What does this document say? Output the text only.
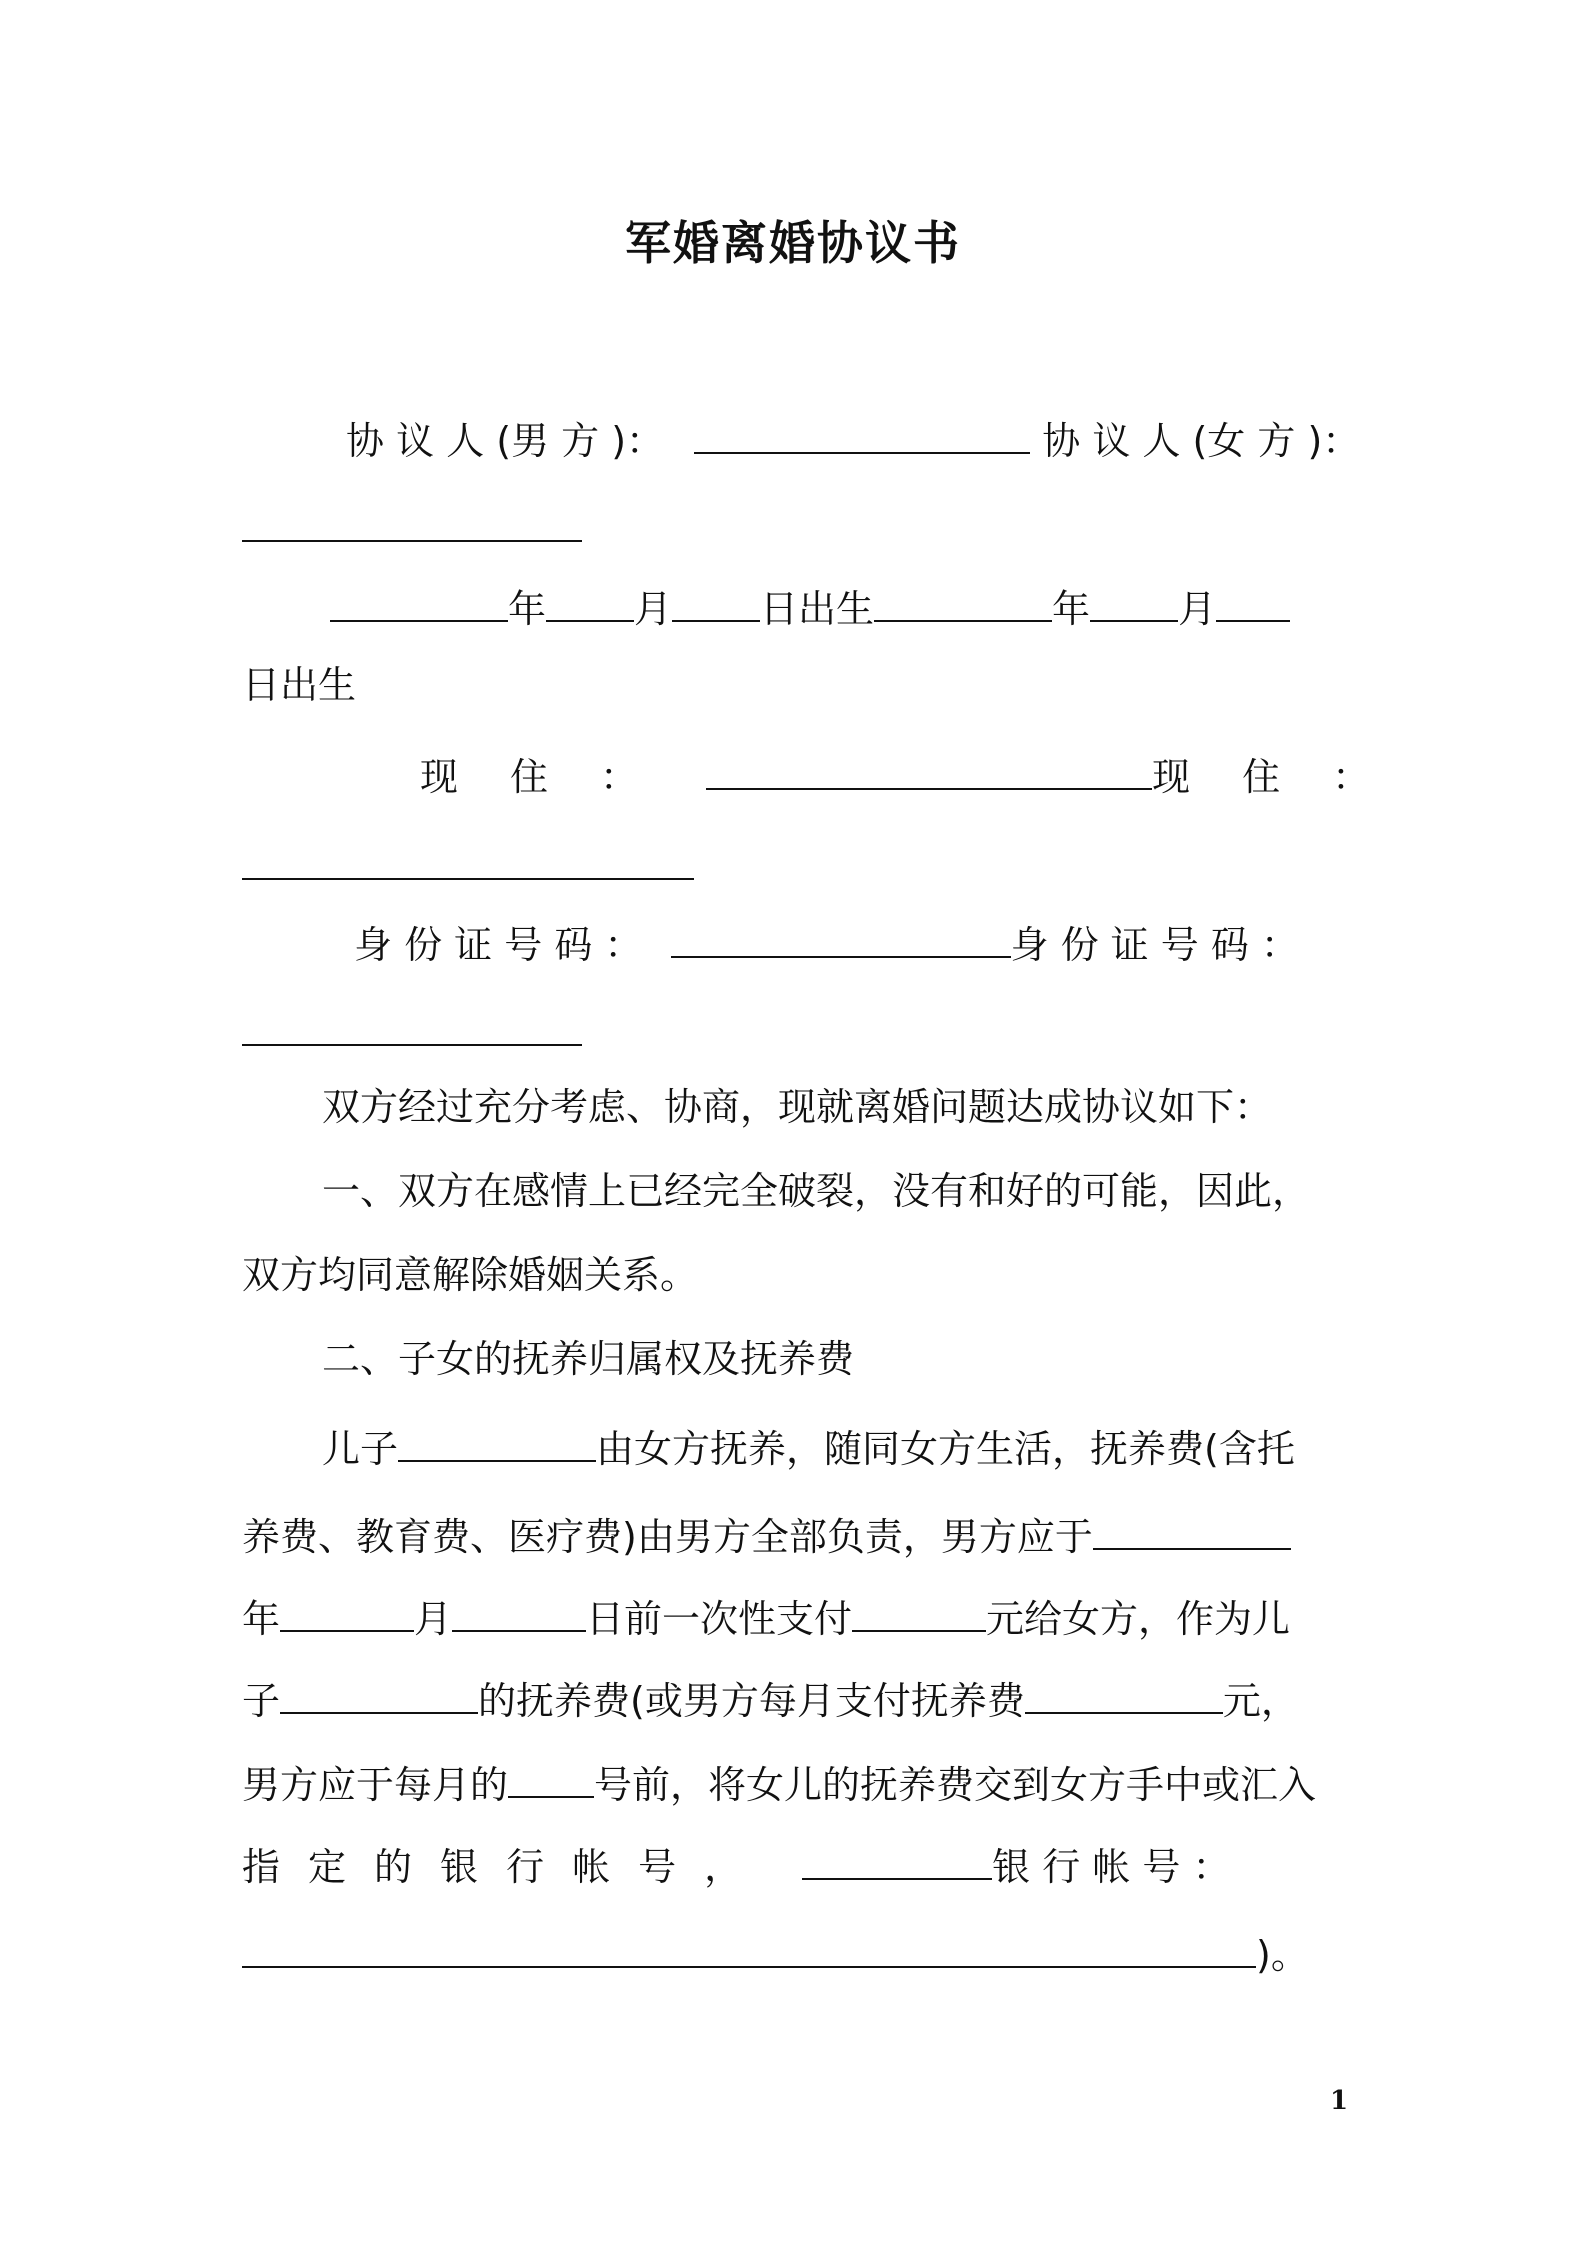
军婚离婚协议书
协 议 人 (男 方 )：	协 议 人 (女 方 )：
年 月 日出生	年 月
日出生
现 住 ：	现 住 ：
身 份 证 号 码 ：	身 份 证 号 码 ：
双方经过充分考虑、协商，现就离婚问题达成协议如下：
一、双方在感情上已经完全破裂，没有和好的可能，因此，
双方均同意解除婚姻关系。
二、子女的抚养归属权及抚养费
儿子	由女方抚养，随同女方生活，抚养费(含托
养费、教育费、医疗费)由男方全部负责，男方应于
年	月	日前一次性支付	元给女方，作为儿
子	的抚养费(或男方每月支付抚养费	元，
男方应于每月的 号前，将女儿的抚养费交到女方手中或汇入
指 定 的 银 行 帐 号 ，	银 行 帐 号 ：
)。
1
